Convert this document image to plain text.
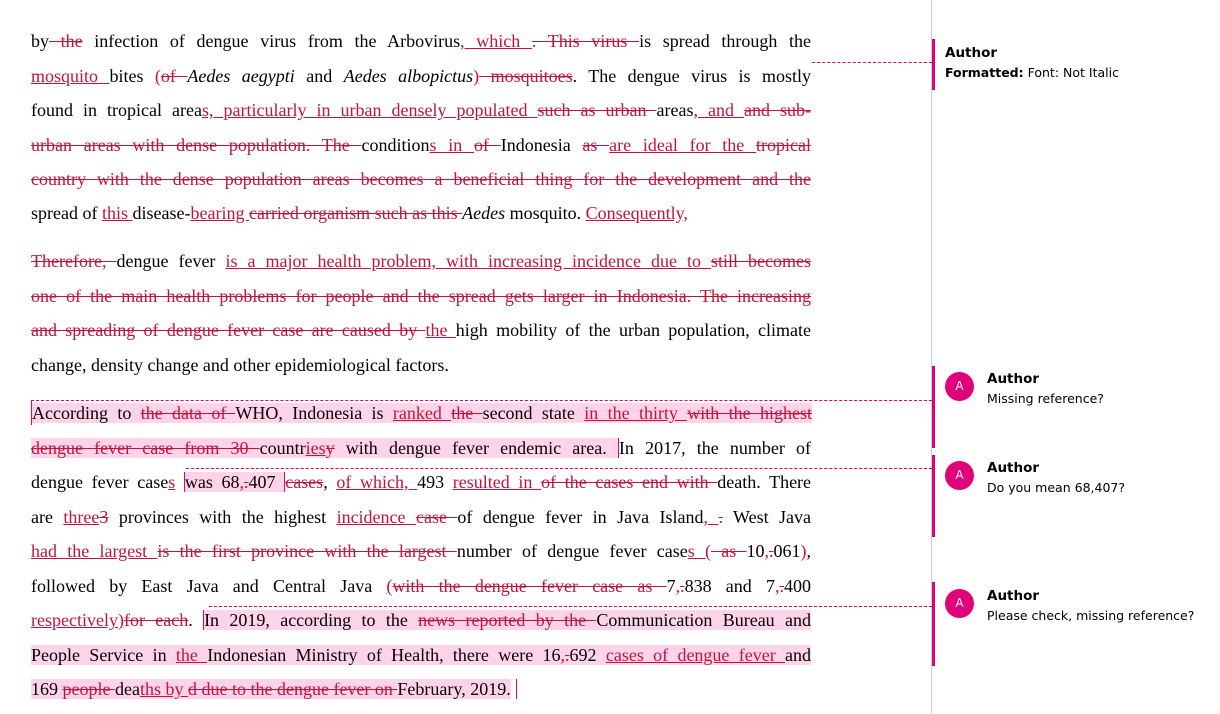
by the infection of dengue virus from the Arbovirus, which . This virus is spread through the
mosquito bites (of Aedes aegypti and Aedes albopictus) mosquitoes. The dengue virus is mostly
found in tropical areas, particularly in urban densely populated such as urban areas, and and sub-
urban areas with dense population. The conditions in of Indonesia as are ideal for the tropical
country with the dense population areas becomes a beneficial thing for the development and the
spread of this disease-bearing carried organism such as this Aedes mosquito. Consequently,
Therefore, dengue fever is a major health problem, with increasing incidence due to still becomes
one of the main health problems for people and the spread gets larger in Indonesia. The increasing
and spreading of dengue fever case are caused by the high mobility of the urban population, climate
change, density change and other epidemiological factors.
According to the data of WHO, Indonesia is ranked the second state in the thirty with the highest
dengue fever case from 30 countriesy with dengue fever endemic area. In 2017, the number of
dengue fever cases was 68,.407 cases, of which, 493 resulted in of the cases end with death. There
are three3 provinces with the highest incidence case of dengue fever in Java Island, . West Java
had the largest is the first province with the largest number of dengue fever cases ( as 10,.061),
followed by East Java and Central Java (with the dengue fever case as 7,.838 and 7,.400
respectively)for each. In 2019, according to the news reported by the Communication Bureau and
People Service in the Indonesian Ministry of Health, there were 16,.692 cases of dengue fever and
169 people deaths by d due to the dengue fever on February, 2019.
Author
Formatted: Font: Not Italic
A	Author
Missing reference?
A	Author
Do you mean 68,407?
A	Author
Please check, missing reference?
